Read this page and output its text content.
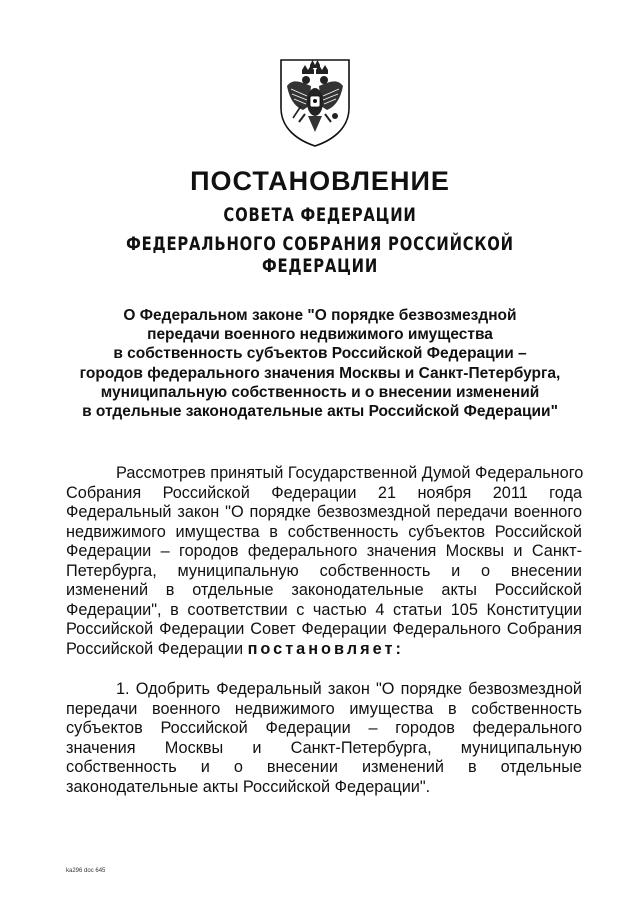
ПОСТАНОВЛЕНИЕ
СОВЕТА ФЕДЕРАЦИИ
ФЕДЕРАЛЬНОГО СОБРАНИЯ РОССИЙСКОЙ ФЕДЕРАЦИИ
О Федеральном законе "О порядке безвозмездной
передачи военного недвижимого имущества
в собственность субъектов Российской Федерации –
городов федерального значения Москвы и Санкт-Петербурга,
муниципальную собственность и о внесении изменений
в отдельные законодательные акты Российской Федерации"
Рассмотрев принятый Государственной Думой Федерального
Собрания Российской Федерации 21 ноября 2011 года
Федеральный закон "О порядке безвозмездной передачи военного
недвижимого имущества в собственность субъектов Российской
Федерации – городов федерального значения Москвы и Санкт-
Петербурга, муниципальную собственность и о внесении
изменений в отдельные законодательные акты Российской
Федерации", в соответствии с частью 4 статьи 105 Конституции
Российской Федерации Совет Федерации Федерального Собрания
Российской Федерации постановляет:
1. Одобрить Федеральный закон "О порядке безвозмездной
передачи военного недвижимого имущества в собственность
субъектов Российской Федерации – городов федерального
значения Москвы и Санкт-Петербурга, муниципальную
собственность и о внесении изменений в отдельные
законодательные акты Российской Федерации".
ka296 doc 645
